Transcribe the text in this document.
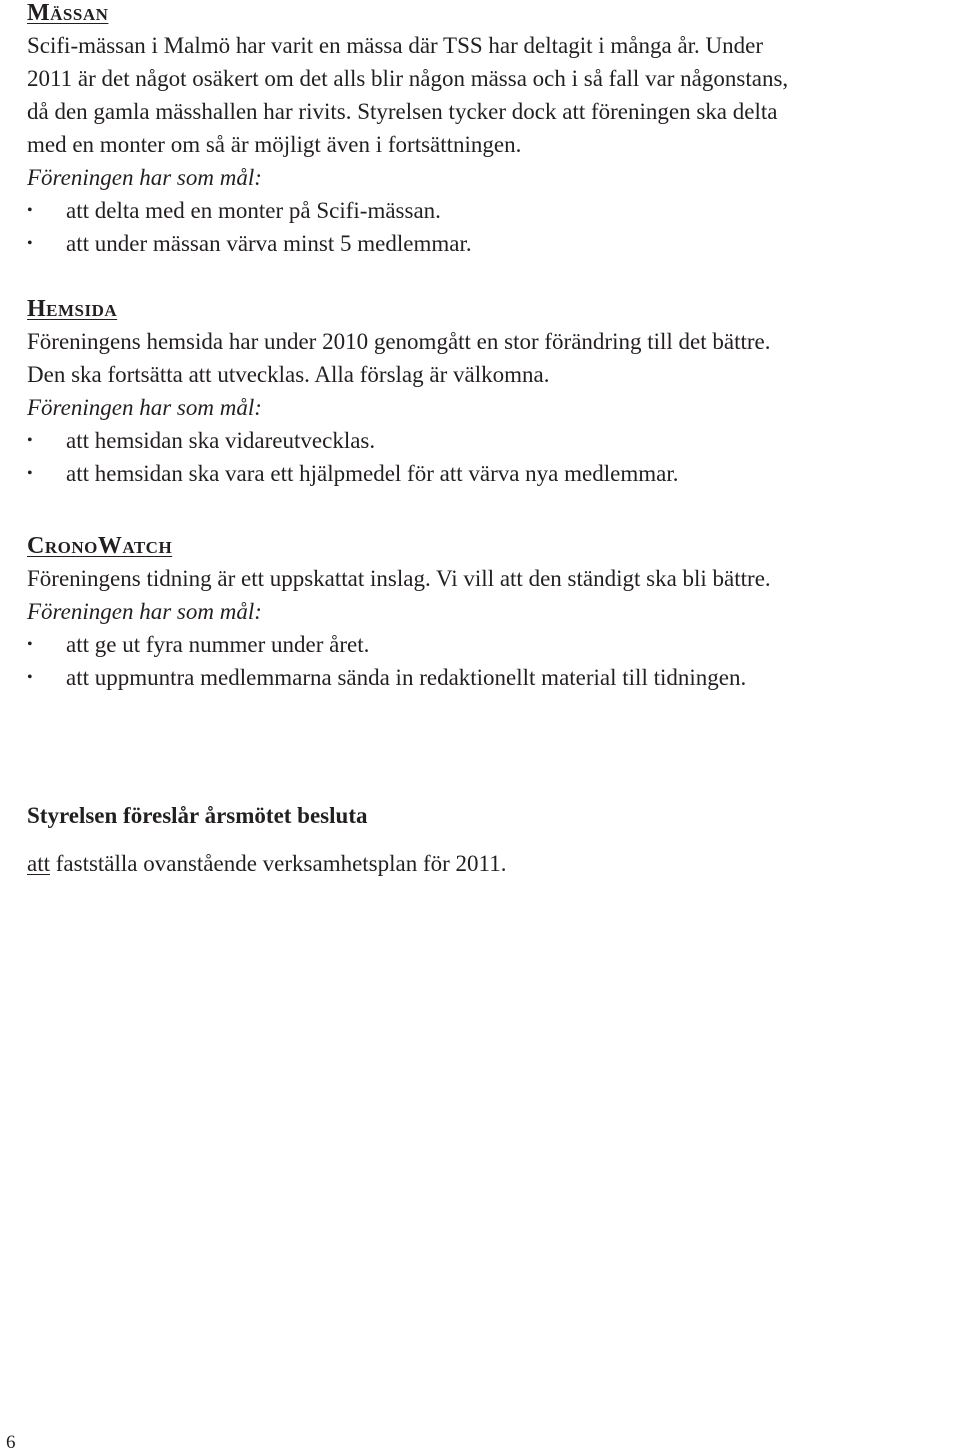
Mässan

Scifi-mässan i Malmö har varit en mässa där TSS har deltagit i många år. Under

2011 är det något osäkert om det alls blir någon mässa och i så fall var någonstans,

då den gamla mässhallen har rivits. Styrelsen tycker dock att föreningen ska delta

med en monter om så är möjligt även i fortsättningen.

Föreningen har som mål:

• att delta med en monter på Scifi-mässan.
• att under mässan värva minst 5 medlemmar.
Hemsida

Föreningens hemsida har under 2010 genomgått en stor förändring till det bättre.

Den ska fortsätta att utvecklas. Alla förslag är välkomna.

Föreningen har som mål:

• att hemsidan ska vidareutvecklas.
• att hemsidan ska vara ett hjälpmedel för att värva nya medlemmar.
CronoWatch

Föreningens tidning är ett uppskattat inslag. Vi vill att den ständigt ska bli bättre.

Föreningen har som mål:

• att ge ut fyra nummer under året.
• att uppmuntra medlemmarna sända in redaktionellt material till tidningen.

Styrelsen föreslår årsmötet besluta

att fastställa ovanstående verksamhetsplan för 2011.

6
